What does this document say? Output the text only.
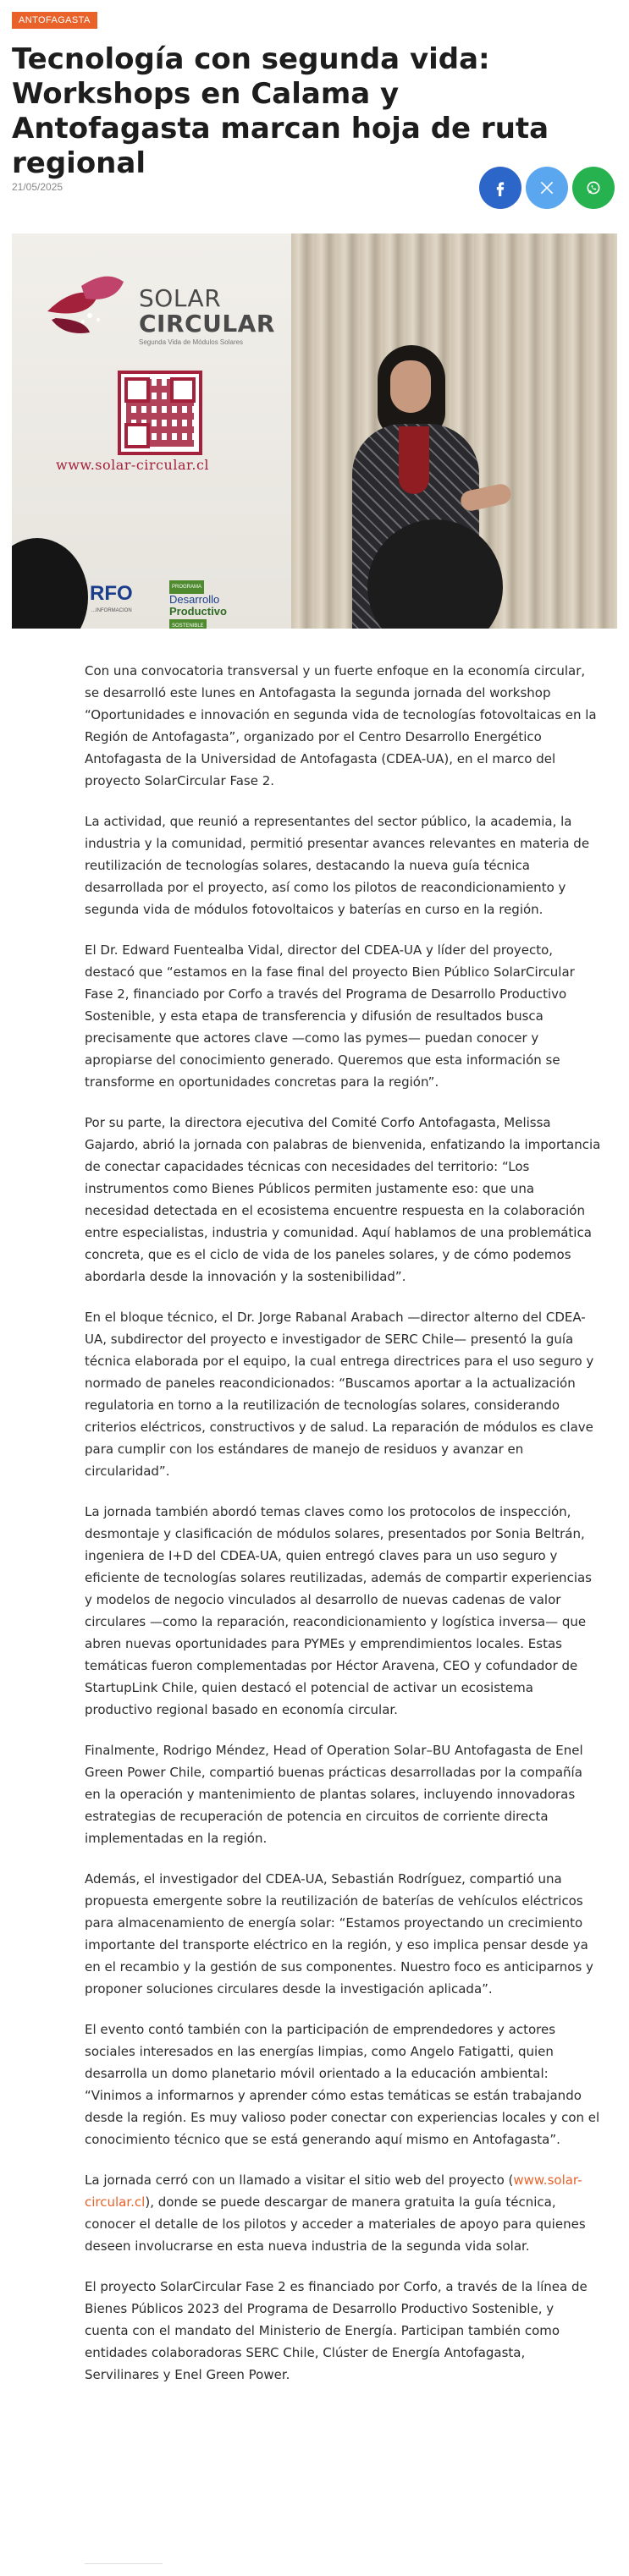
ANTOFAGASTA
Tecnología con segunda vida: Workshops en Calama y Antofagasta marcan hoja de ruta regional
21/05/2025
SOLAR
CIRCULAR
Segunda Vida de Módulos Solares
www.solar-circular.cl
RFO
...INFORMACION
PROGRAMA
Desarrollo
Productivo
SOSTENIBLE

Con una convocatoria transversal y un fuerte enfoque en la economía circular, se desarrolló este lunes en Antofagasta la segunda jornada del workshop “Oportunidades e innovación en segunda vida de tecnologías fotovoltaicas en la Región de Antofagasta”, organizado por el Centro Desarrollo Energético Antofagasta de la Universidad de Antofagasta (CDEA-UA), en el marco del proyecto SolarCircular Fase 2.

La actividad, que reunió a representantes del sector público, la academia, la industria y la comunidad, permitió presentar avances relevantes en materia de reutilización de tecnologías solares, destacando la nueva guía técnica desarrollada por el proyecto, así como los pilotos de reacondicionamiento y segunda vida de módulos fotovoltaicos y baterías en curso en la región.

El Dr. Edward Fuentealba Vidal, director del CDEA-UA y líder del proyecto, destacó que “estamos en la fase final del proyecto Bien Público SolarCircular Fase 2, financiado por Corfo a través del Programa de Desarrollo Productivo Sostenible, y esta etapa de transferencia y difusión de resultados busca precisamente que actores clave —como las pymes— puedan conocer y apropiarse del conocimiento generado. Queremos que esta información se transforme en oportunidades concretas para la región”.

Por su parte, la directora ejecutiva del Comité Corfo Antofagasta, Melissa Gajardo, abrió la jornada con palabras de bienvenida, enfatizando la importancia de conectar capacidades técnicas con necesidades del territorio: “Los instrumentos como Bienes Públicos permiten justamente eso: que una necesidad detectada en el ecosistema encuentre respuesta en la colaboración entre especialistas, industria y comunidad. Aquí hablamos de una problemática concreta, que es el ciclo de vida de los paneles solares, y de cómo podemos abordarla desde la innovación y la sostenibilidad”.

En el bloque técnico, el Dr. Jorge Rabanal Arabach —director alterno del CDEA-UA, subdirector del proyecto e investigador de SERC Chile— presentó la guía técnica elaborada por el equipo, la cual entrega directrices para el uso seguro y normado de paneles reacondicionados: “Buscamos aportar a la actualización regulatoria en torno a la reutilización de tecnologías solares, considerando criterios eléctricos, constructivos y de salud. La reparación de módulos es clave para cumplir con los estándares de manejo de residuos y avanzar en circularidad”.

La jornada también abordó temas claves como los protocolos de inspección, desmontaje y clasificación de módulos solares, presentados por Sonia Beltrán, ingeniera de I+D del CDEA-UA, quien entregó claves para un uso seguro y eficiente de tecnologías solares reutilizadas, además de compartir experiencias y modelos de negocio vinculados al desarrollo de nuevas cadenas de valor circulares —como la reparación, reacondicionamiento y logística inversa— que abren nuevas oportunidades para PYMEs y emprendimientos locales. Estas temáticas fueron complementadas por Héctor Aravena, CEO y cofundador de StartupLink Chile, quien destacó el potencial de activar un ecosistema productivo regional basado en economía circular.

Finalmente, Rodrigo Méndez, Head of Operation Solar–BU Antofagasta de Enel Green Power Chile, compartió buenas prácticas desarrolladas por la compañía en la operación y mantenimiento de plantas solares, incluyendo innovadoras estrategias de recuperación de potencia en circuitos de corriente directa implementadas en la región.

Además, el investigador del CDEA-UA, Sebastián Rodríguez, compartió una propuesta emergente sobre la reutilización de baterías de vehículos eléctricos para almacenamiento de energía solar: “Estamos proyectando un crecimiento importante del transporte eléctrico en la región, y eso implica pensar desde ya en el recambio y la gestión de sus componentes. Nuestro foco es anticiparnos y proponer soluciones circulares desde la investigación aplicada”.

El evento contó también con la participación de emprendedores y actores sociales interesados en las energías limpias, como Angelo Fatigatti, quien desarrolla un domo planetario móvil orientado a la educación ambiental: “Vinimos a informarnos y aprender cómo estas temáticas se están trabajando desde la región. Es muy valioso poder conectar con experiencias locales y con el conocimiento técnico que se está generando aquí mismo en Antofagasta”.

La jornada cerró con un llamado a visitar el sitio web del proyecto (www.solar-circular.cl), donde se puede descargar de manera gratuita la guía técnica, conocer el detalle de los pilotos y acceder a materiales de apoyo para quienes deseen involucrarse en esta nueva industria de la segunda vida solar.

El proyecto SolarCircular Fase 2 es financiado por Corfo, a través de la línea de Bienes Públicos 2023 del Programa de Desarrollo Productivo Sostenible, y cuenta con el mandato del Ministerio de Energía. Participan también como entidades colaboradoras SERC Chile, Clúster de Energía Antofagasta, Servilinares y Enel Green Power.
